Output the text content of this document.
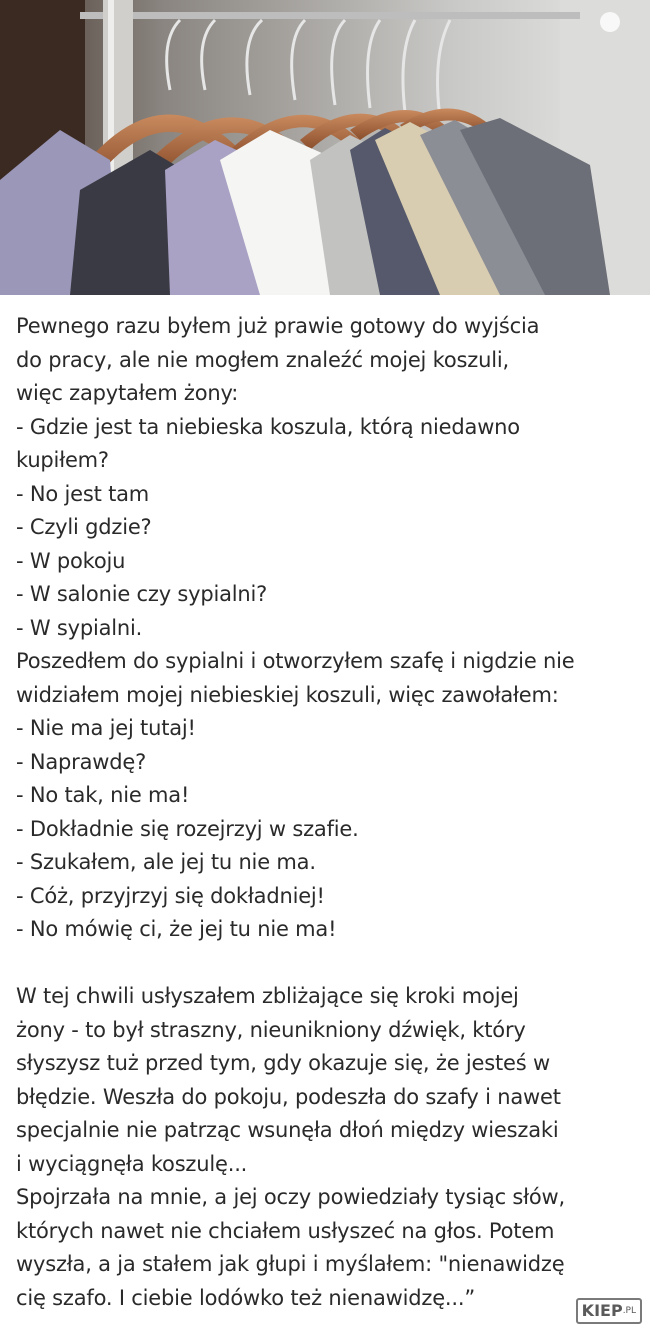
Pewnego razu byłem już prawie gotowy do wyjścia

do pracy, ale nie mogłem znaleźć mojej koszuli,

więc zapytałem żony:

- Gdzie jest ta niebieska koszula, którą niedawno

kupiłem?

- No jest tam

- Czyli gdzie?

- W pokoju

- W salonie czy sypialni?

- W sypialni.

Poszedłem do sypialni i otworzyłem szafę i nigdzie nie

widziałem mojej niebieskiej koszuli, więc zawołałem:

- Nie ma jej tutaj!

- Naprawdę?

- No tak, nie ma!

- Dokładnie się rozejrzyj w szafie.

- Szukałem, ale jej tu nie ma.

- Cóż, przyjrzyj się dokładniej!

- No mówię ci, że jej tu nie ma!

W tej chwili usłyszałem zbliżające się kroki mojej

żony - to był straszny, nieunikniony dźwięk, który

słyszysz tuż przed tym, gdy okazuje się, że jesteś w

błędzie. Weszła do pokoju, podeszła do szafy i nawet

specjalnie nie patrząc wsunęła dłoń między wieszaki

i wyciągnęła koszulę...

Spojrzała na mnie, a jej oczy powiedziały tysiąc słów,

których nawet nie chciałem usłyszeć na głos. Potem

wyszła, a ja stałem jak głupi i myślałem: "nienawidzę

cię szafo. I ciebie lodówko też nienawidzę...”

KIEP.PL
